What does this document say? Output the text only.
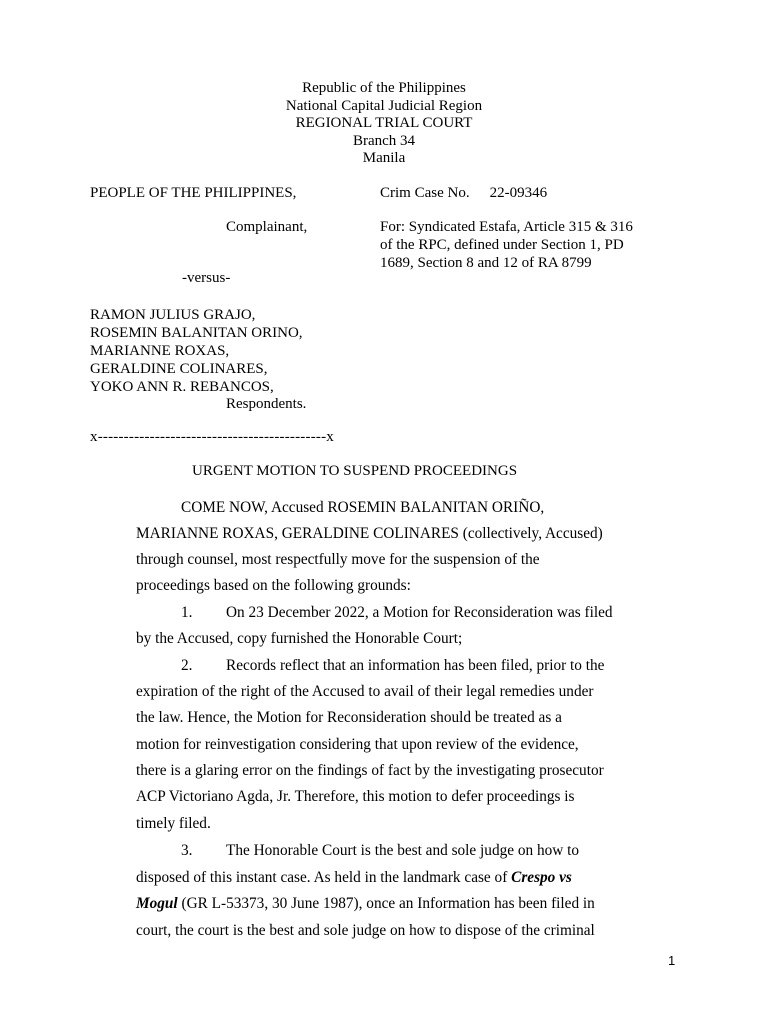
Republic of the Philippines
National Capital Judicial Region
REGIONAL TRIAL COURT
Branch 34
Manila
PEOPLE OF THE PHILIPPINES,
Complainant,
-versus-
RAMON JULIUS GRAJO,
ROSEMIN BALANITAN ORINO,
MARIANNE ROXAS,
GERALDINE COLINARES,
YOKO ANN R. REBANCOS,
Respondents.
Crim Case No. 22-09346
For: Syndicated Estafa, Article 315 & 316
of the RPC, defined under Section 1, PD
1689, Section 8 and 12 of RA 8799
x--------------------------------------------x
URGENT MOTION TO SUSPEND PROCEEDINGS
COME NOW, Accused ROSEMIN BALANITAN ORIÑO,
MARIANNE ROXAS, GERALDINE COLINARES (collectively, Accused)
through counsel, most respectfully move for the suspension of the
proceedings based on the following grounds:
1. On 23 December 2022, a Motion for Reconsideration was filed
by the Accused, copy furnished the Honorable Court;
2. Records reflect that an information has been filed, prior to the
expiration of the right of the Accused to avail of their legal remedies under
the law. Hence, the Motion for Reconsideration should be treated as a
motion for reinvestigation considering that upon review of the evidence,
there is a glaring error on the findings of fact by the investigating prosecutor
ACP Victoriano Agda, Jr. Therefore, this motion to defer proceedings is
timely filed.
3. The Honorable Court is the best and sole judge on how to
disposed of this instant case. As held in the landmark case of Crespo vs
Mogul (GR L-53373, 30 June 1987), once an Information has been filed in
court, the court is the best and sole judge on how to dispose of the criminal
1
